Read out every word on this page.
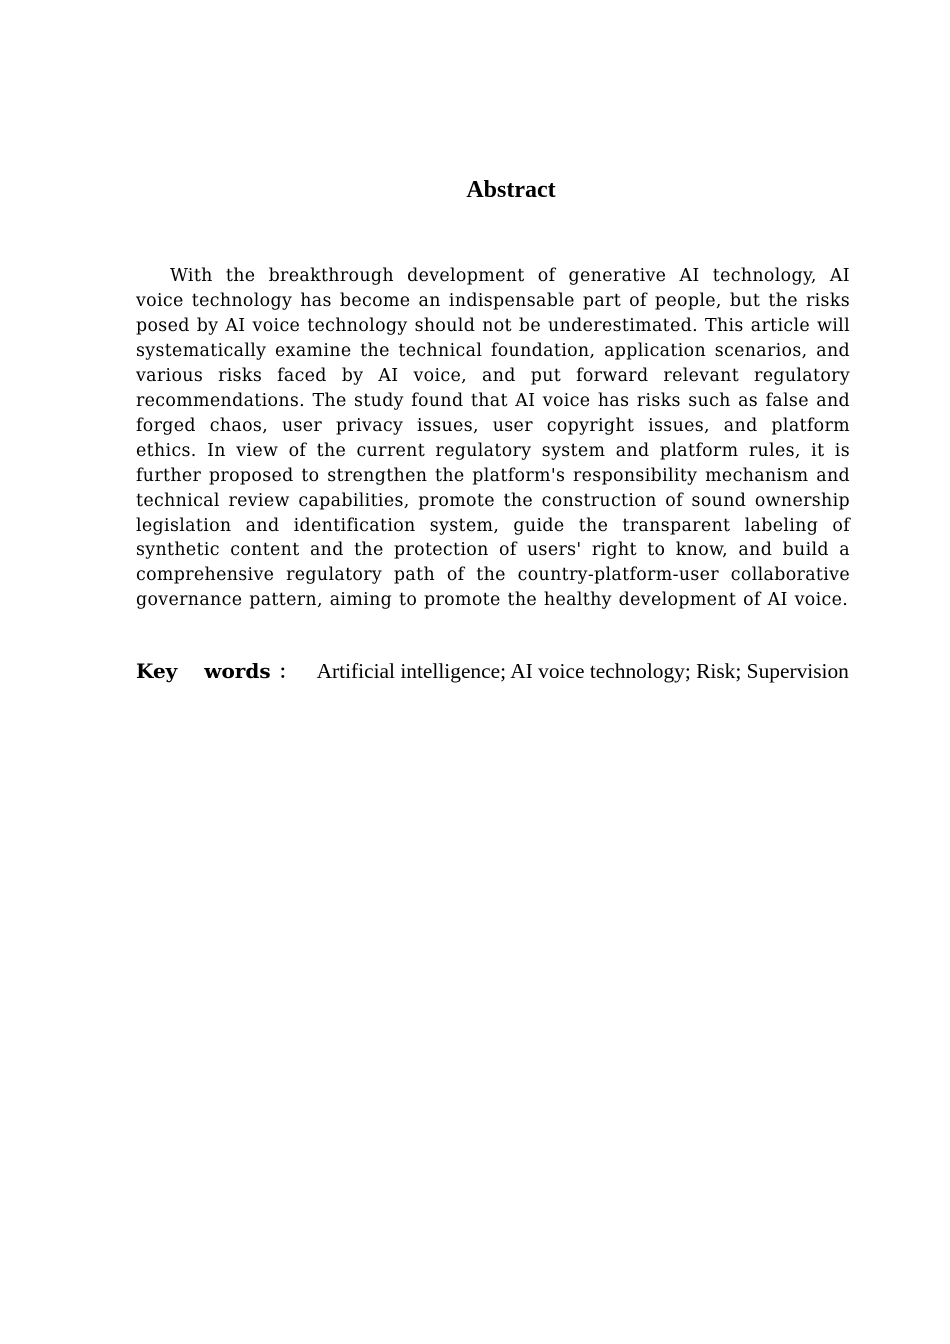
Abstract

With the breakthrough development of generative AI technology, AI voice technology has become an indispensable part of people, but the risks posed by AI voice technology should not be underestimated. This article will systematically examine the technical foundation, application scenarios, and various risks faced by AI voice, and put forward relevant regulatory recommendations. The study found that AI voice has risks such as false and forged chaos, user privacy issues, user copyright issues, and platform ethics. In view of the current regulatory system and platform rules, it is further proposed to strengthen the platform's responsibility mechanism and technical review capabilities, promote the construction of sound ownership legislation and identification system, guide the transparent labeling of synthetic content and the protection of users' right to know, and build a comprehensive regulatory path of the country-platform-user collaborative governance pattern, aiming to promote the healthy development of AI voice.

Key words ： Artificial intelligence; AI voice technology; Risk; Supervision
